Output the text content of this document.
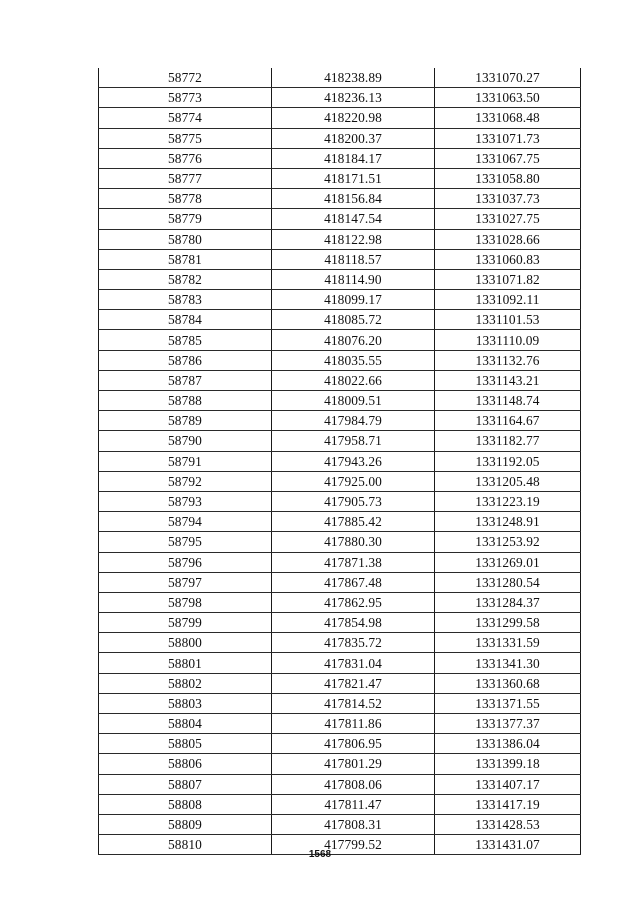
58772	418238.89	1331070.27
58773	418236.13	1331063.50
58774	418220.98	1331068.48
58775	418200.37	1331071.73
58776	418184.17	1331067.75
58777	418171.51	1331058.80
58778	418156.84	1331037.73
58779	418147.54	1331027.75
58780	418122.98	1331028.66
58781	418118.57	1331060.83
58782	418114.90	1331071.82
58783	418099.17	1331092.11
58784	418085.72	1331101.53
58785	418076.20	1331110.09
58786	418035.55	1331132.76
58787	418022.66	1331143.21
58788	418009.51	1331148.74
58789	417984.79	1331164.67
58790	417958.71	1331182.77
58791	417943.26	1331192.05
58792	417925.00	1331205.48
58793	417905.73	1331223.19
58794	417885.42	1331248.91
58795	417880.30	1331253.92
58796	417871.38	1331269.01
58797	417867.48	1331280.54
58798	417862.95	1331284.37
58799	417854.98	1331299.58
58800	417835.72	1331331.59
58801	417831.04	1331341.30
58802	417821.47	1331360.68
58803	417814.52	1331371.55
58804	417811.86	1331377.37
58805	417806.95	1331386.04
58806	417801.29	1331399.18
58807	417808.06	1331407.17
58808	417811.47	1331417.19
58809	417808.31	1331428.53
58810	417799.52	1331431.07
1568
